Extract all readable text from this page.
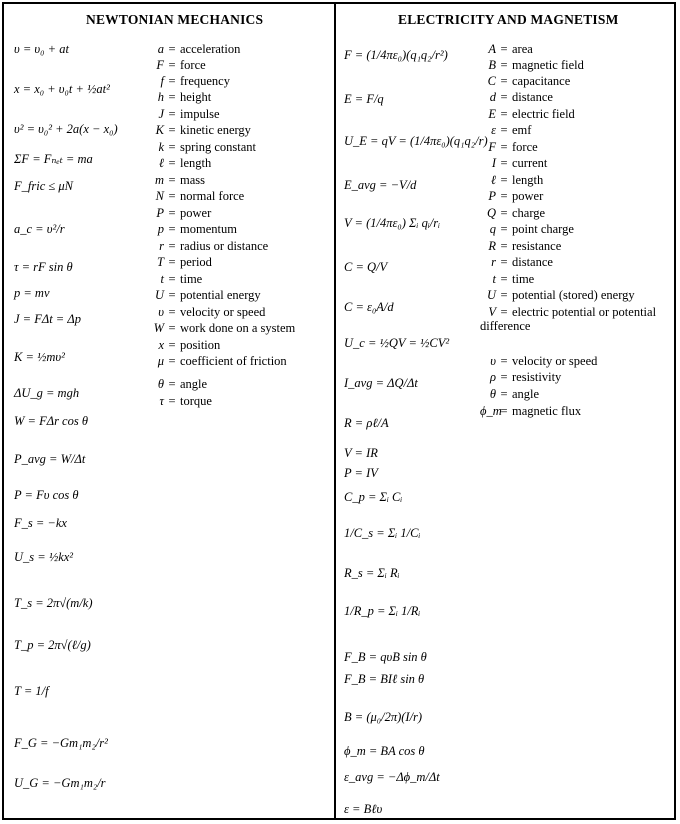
NEWTONIAN MECHANICS	ELECTRICITY AND MAGNETISM
υ = υ₀ + at
x = x₀ + υ₀t + ½at²
υ² = υ₀² + 2a(x − x₀)
ΣF = Fₙₑₜ = ma
F_fric ≤ μN
a_c = υ²/r
τ = rF sin θ
p = mv
J = FΔt = Δp
K = ½mυ²
ΔU_g = mgh
W = FΔr cos θ
P_avg = W/Δt
P = Fυ cos θ
F_s = −kx
U_s = ½kx²
T_s = 2π√(m/k)
T_p = 2π√(ℓ/g)
T = 1/f
F_G = −Gm₁m₂/r²
U_G = −Gm₁m₂/r
a = acceleration
F = force
f = frequency
h = height
J = impulse
K = kinetic energy
k = spring constant
ℓ = length
m = mass
N = normal force
P = power
p = momentum
r = radius or distance
T = period
t = time
U = potential energy
υ = velocity or speed
W = work done on a system
x = position
μ = coefficient of friction
θ = angle
τ = torque
F = (1/4πε₀)(q₁q₂/r²)
E = F/q
U_E = qV = (1/4πε₀)(q₁q₂/r)
E_avg = −V/d
V = (1/4πε₀) Σᵢ qᵢ/rᵢ
C = Q/V
C = ε₀A/d
U_c = ½QV = ½CV²
I_avg = ΔQ/Δt
R = ρℓ/A
V = IR
P = IV
C_p = Σᵢ Cᵢ
1/C_s = Σᵢ 1/Cᵢ
R_s = Σᵢ Rᵢ
1/R_p = Σᵢ 1/Rᵢ
F_B = qυB sin θ
F_B = BIℓ sin θ
B = (μ₀/2π)(I/r)
ϕ_m = BA cos θ
ε_avg = −Δϕ_m/Δt
ε = Bℓυ
A = area
B = magnetic field
C = capacitance
d = distance
E = electric field
ε = emf
F = force
I = current
ℓ = length
P = power
Q = charge
q = point charge
R = resistance
r = distance
t = time
U = potential (stored) energy
V = electric potential or potential difference
υ = velocity or speed
ρ = resistivity
θ = angle
ϕ_m= magnetic flux
